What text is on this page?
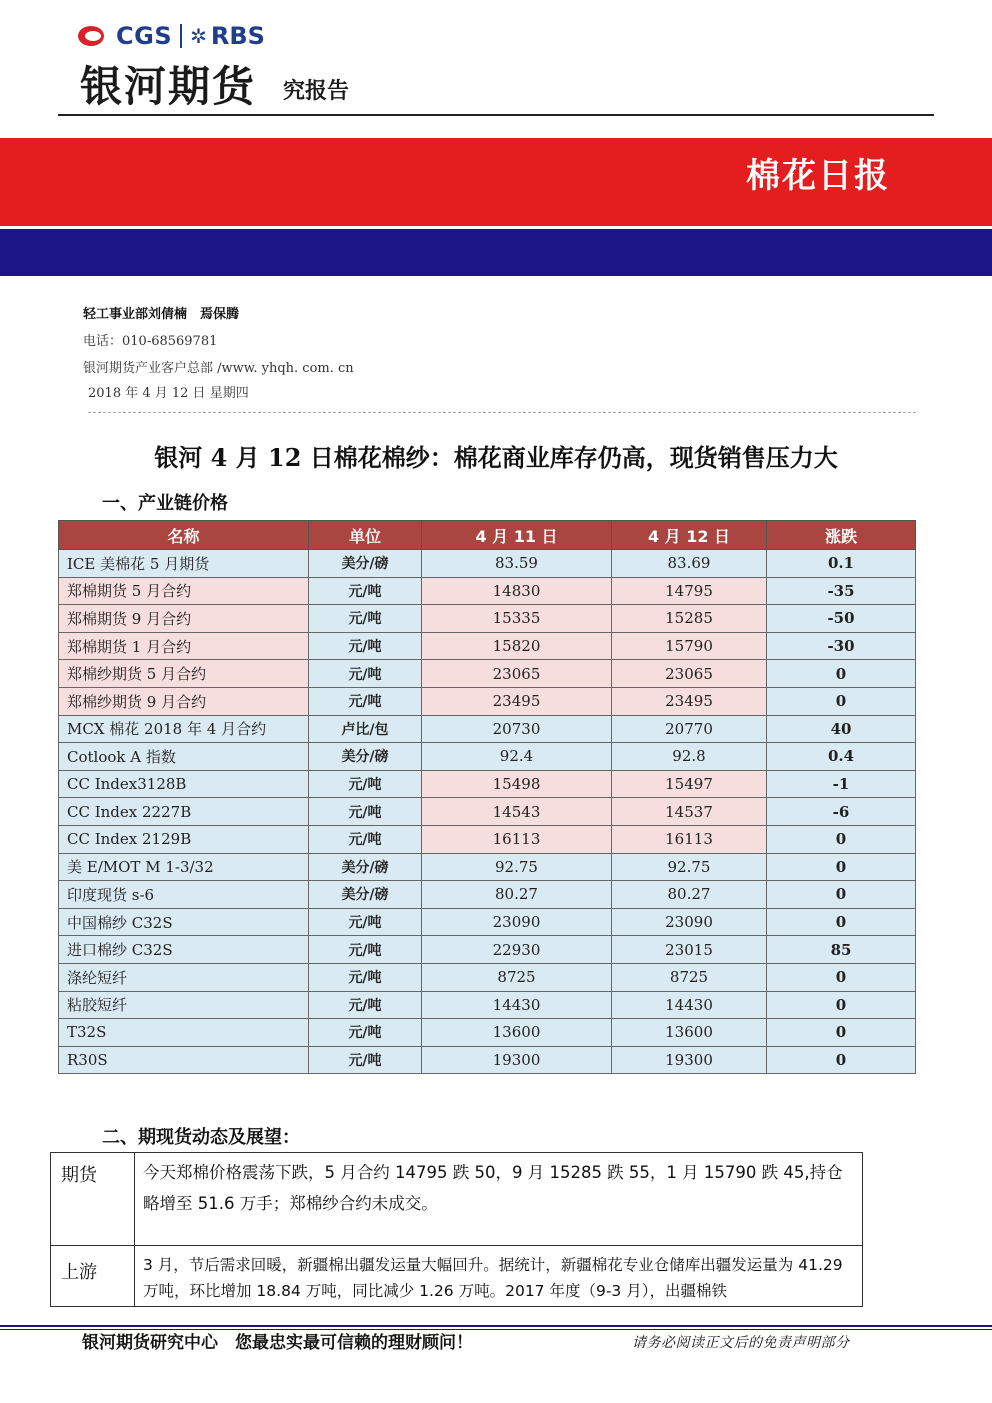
CGS ✲ RBS
银河期货 究报告
棉花日报
轻工事业部刘倩楠　焉保腾
电话：010-68569781
银河期货产业客户总部 /www. yhqh. com. cn
2018 年 4 月 12 日 星期四
银河 4 月 12 日棉花棉纱：棉花商业库存仍高，现货销售压力大
一、产业链价格
名称	单位	4 月 11 日	4 月 12 日	涨跌
ICE 美棉花 5 月期货	美分/磅	83.59	83.69	0.1
郑棉期货 5 月合约	元/吨	14830	14795	-35
郑棉期货 9 月合约	元/吨	15335	15285	-50
郑棉期货 1 月合约	元/吨	15820	15790	-30
郑棉纱期货 5 月合约	元/吨	23065	23065	0
郑棉纱期货 9 月合约	元/吨	23495	23495	0
MCX 棉花 2018 年 4 月合约	卢比/包	20730	20770	40
Cotlook A 指数	美分/磅	92.4	92.8	0.4
CC Index3128B	元/吨	15498	15497	-1
CC Index 2227B	元/吨	14543	14537	-6
CC Index 2129B	元/吨	16113	16113	0
美 E/MOT M 1-3/32	美分/磅	92.75	92.75	0
印度现货 s-6	美分/磅	80.27	80.27	0
中国棉纱 C32S	元/吨	23090	23090	0
进口棉纱 C32S	元/吨	22930	23015	85
涤纶短纤	元/吨	8725	8725	0
粘胶短纤	元/吨	14430	14430	0
T32S	元/吨	13600	13600	0
R30S	元/吨	19300	19300	0
二、期现货动态及展望：
期货	今天郑棉价格震荡下跌，5 月合约 14795 跌 50，9 月 15285 跌 55，1 月 15790 跌 45,持仓略增至 51.6 万手；郑棉纱合约未成交。
上游	3 月，节后需求回暖，新疆棉出疆发运量大幅回升。据统计，新疆棉花专业仓储库出疆发运量为 41.29 万吨，环比增加 18.84 万吨，同比减少 1.26 万吨。2017 年度（9-3 月），出疆棉铁
银河期货研究中心　您最忠实最可信赖的理财顾问！	请务必阅读正文后的免责声明部分
